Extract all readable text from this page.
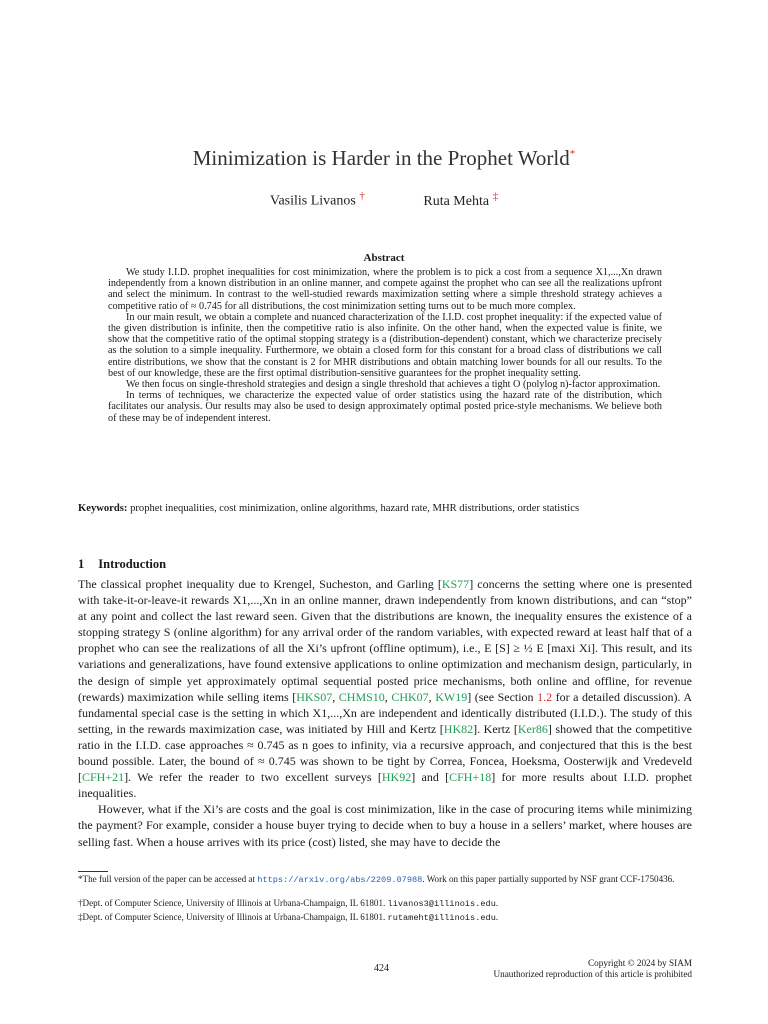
Minimization is Harder in the Prophet World*
Vasilis Livanos †	Ruta Mehta ‡
Abstract

We study I.I.D. prophet inequalities for cost minimization, where the problem is to pick a cost from a sequence X1,...,Xn drawn independently from a known distribution in an online manner, and compete against the prophet who can see all the realizations upfront and select the minimum. In contrast to the well-studied rewards maximization setting where a simple threshold strategy achieves a competitive ratio of ≈ 0.745 for all distributions, the cost minimization setting turns out to be much more complex.

In our main result, we obtain a complete and nuanced characterization of the I.I.D. cost prophet inequality: if the expected value of the given distribution is infinite, then the competitive ratio is also infinite. On the other hand, when the expected value is finite, we show that the competitive ratio of the optimal stopping strategy is a (distribution-dependent) constant, which we characterize precisely as the solution to a simple inequality. Furthermore, we obtain a closed form for this constant for a broad class of distributions we call entire distributions, we show that the constant is 2 for MHR distributions and obtain matching lower bounds for all our results. To the best of our knowledge, these are the first optimal distribution-sensitive guarantees for the prophet inequality setting.

We then focus on single-threshold strategies and design a single threshold that achieves a tight O (polylog n)-factor approximation.

In terms of techniques, we characterize the expected value of order statistics using the hazard rate of the distribution, which facilitates our analysis. Our results may also be used to design approximately optimal posted price-style mechanisms. We believe both of these may be of independent interest.

Keywords: prophet inequalities, cost minimization, online algorithms, hazard rate, MHR distributions, order statistics
1 Introduction

The classical prophet inequality due to Krengel, Sucheston, and Garling [KS77] concerns the setting where one is presented with take-it-or-leave-it rewards X1,...,Xn in an online manner, drawn independently from known distributions, and can “stop” at any point and collect the last reward seen. Given that the distributions are known, the inequality ensures the existence of a stopping strategy S (online algorithm) for any arrival order of the random variables, with expected reward at least half that of a prophet who can see the realizations of all the Xi’s upfront (offline optimum), i.e., E [S] ≥ ½ E [maxi Xi]. This result, and its variations and generalizations, have found extensive applications to online optimization and mechanism design, particularly, in the design of simple yet approximately optimal sequential posted price mechanisms, both online and offline, for revenue (rewards) maximization while selling items [HKS07, CHMS10, CHK07, KW19] (see Section 1.2 for a detailed discussion). A fundamental special case is the setting in which X1,...,Xn are independent and identically distributed (I.I.D.). The study of this setting, in the rewards maximization case, was initiated by Hill and Kertz [HK82]. Kertz [Ker86] showed that the competitive ratio in the I.I.D. case approaches ≈ 0.745 as n goes to infinity, via a recursive approach, and conjectured that this is the best bound possible. Later, the bound of ≈ 0.745 was shown to be tight by Correa, Foncea, Hoeksma, Oosterwijk and Vredeveld [CFH+21]. We refer the reader to two excellent surveys [HK92] and [CFH+18] for more results about I.I.D. prophet inequalities.

However, what if the Xi’s are costs and the goal is cost minimization, like in the case of procuring items while minimizing the payment? For example, consider a house buyer trying to decide when to buy a house in a sellers’ market, where houses are selling fast. When a house arrives with its price (cost) listed, she may have to decide the

*The full version of the paper can be accessed at https://arxiv.org/abs/2209.07988. Work on this paper partially supported by NSF grant CCF-1750436.
†Dept. of Computer Science, University of Illinois at Urbana-Champaign, IL 61801. livanos3@illinois.edu.
‡Dept. of Computer Science, University of Illinois at Urbana-Champaign, IL 61801. rutameht@illinois.edu.
424	Copyright © 2024 by SIAM
Unauthorized reproduction of this article is prohibited
